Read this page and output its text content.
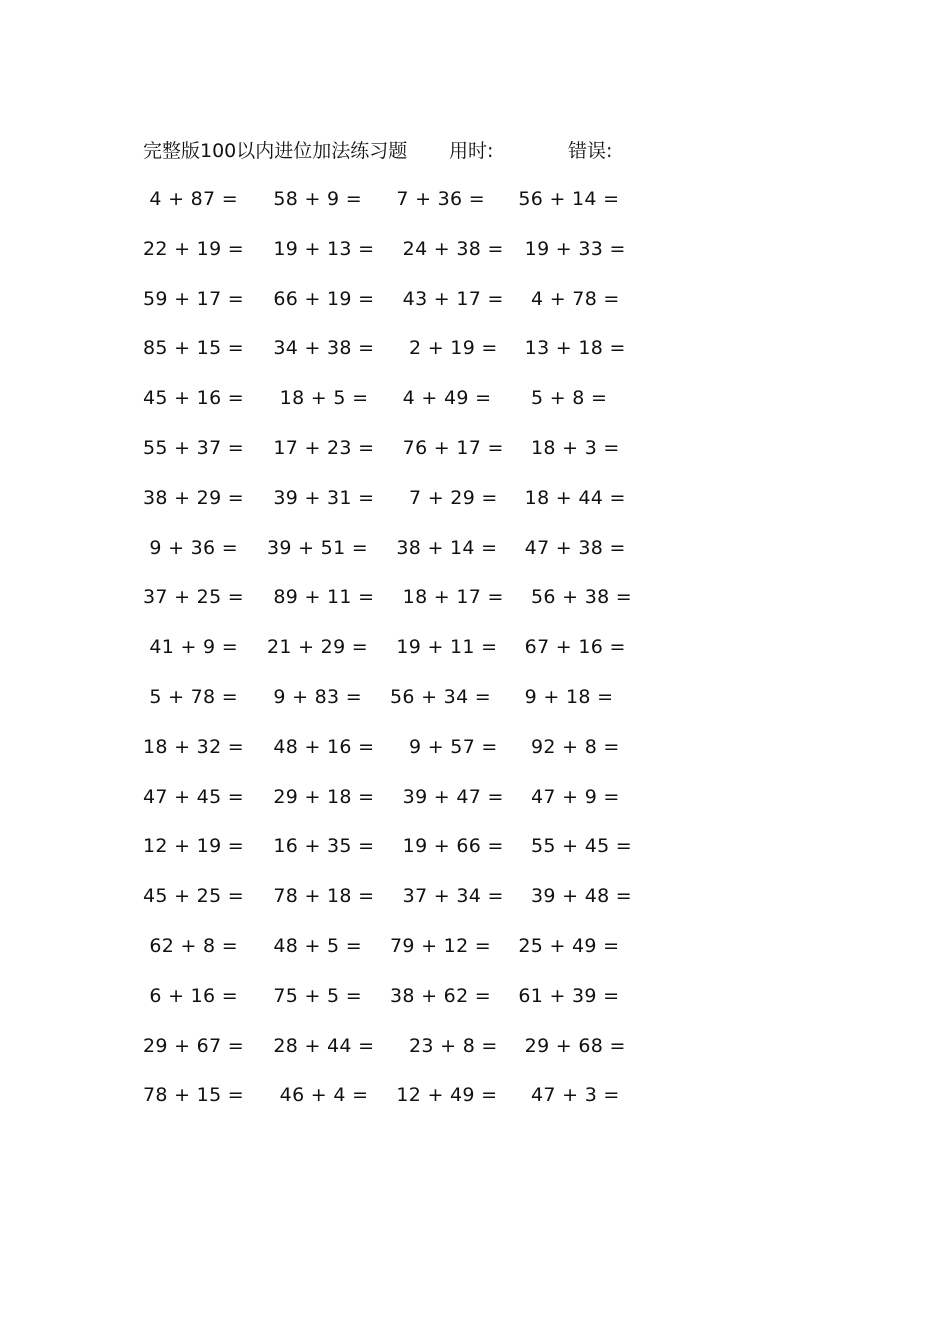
完整版100以内进位加法练习题 用时:	错误:
4 + 87 = 58 + 9 = 7 + 36 = 56 + 14 =
22 + 19 = 19 + 13 = 24 + 38 = 19 + 33 =
59 + 17 = 66 + 19 = 43 + 17 = 4 + 78 =
85 + 15 = 34 + 38 = 2 + 19 = 13 + 18 =
45 + 16 = 18 + 5 = 4 + 49 = 5 + 8 =
55 + 37 = 17 + 23 = 76 + 17 = 18 + 3 =
38 + 29 = 39 + 31 = 7 + 29 = 18 + 44 =
9 + 36 = 39 + 51 = 38 + 14 = 47 + 38 =
37 + 25 = 89 + 11 = 18 + 17 = 56 + 38 =
41 + 9 = 21 + 29 = 19 + 11 = 67 + 16 =
5 + 78 = 9 + 83 = 56 + 34 = 9 + 18 =
18 + 32 = 48 + 16 = 9 + 57 = 92 + 8 =
47 + 45 = 29 + 18 = 39 + 47 = 47 + 9 =
12 + 19 = 16 + 35 = 19 + 66 = 55 + 45 =
45 + 25 = 78 + 18 = 37 + 34 = 39 + 48 =
62 + 8 = 48 + 5 = 79 + 12 = 25 + 49 =
6 + 16 = 75 + 5 = 38 + 62 = 61 + 39 =
29 + 67 = 28 + 44 = 23 + 8 = 29 + 68 =
78 + 15 = 46 + 4 = 12 + 49 = 47 + 3 =
